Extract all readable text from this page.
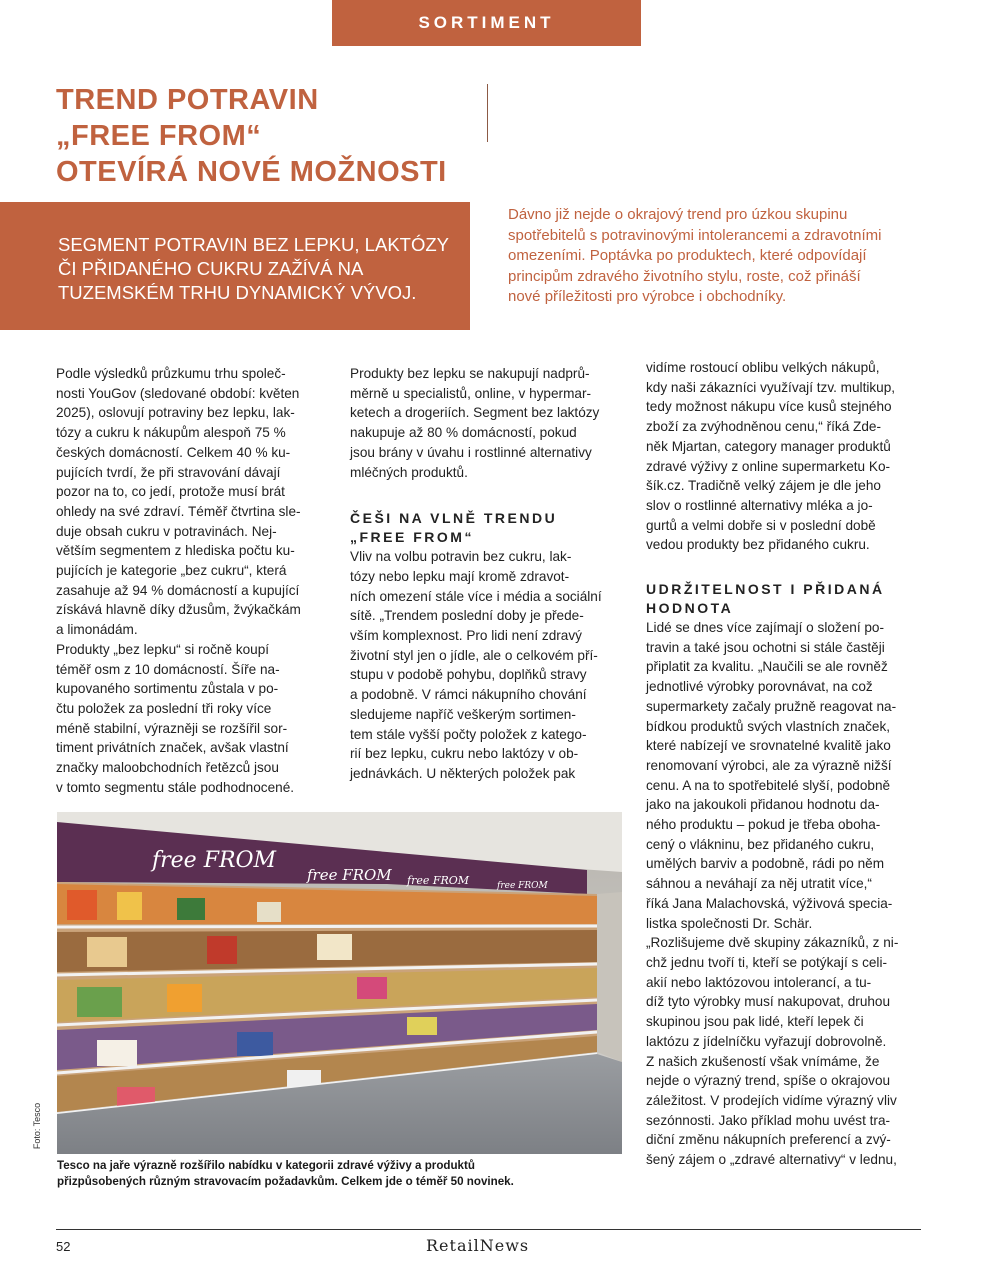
SORTIMENT
TREND POTRAVIN
„FREE FROM“
OTEVÍRÁ NOVÉ MOŽNOSTI
SEGMENT POTRAVIN BEZ LEPKU, LAKTÓZY
ČI PŘIDANÉHO CUKRU ZAŽÍVÁ NA
TUZEMSKÉM TRHU DYNAMICKÝ VÝVOJ.
Dávno již nejde o okrajový trend pro úzkou skupinu
spotřebitelů s potravinovými intolerancemi a zdravotními
omezeními. Poptávka po produktech, které odpovídají
principům zdravého životního stylu, roste, což přináší
nové příležitosti pro výrobce i obchodníky.
Podle výsledků průzkumu trhu společ-
nosti YouGov (sledované období: květen
2025), oslovují potraviny bez lepku, lak-
tózy a cukru k nákupům alespoň 75 %
českých domácností. Celkem 40 % ku-
pujících tvrdí, že při stravování dávají
pozor na to, co jedí, protože musí brát
ohledy na své zdraví. Téměř čtvrtina sle-
duje obsah cukru v potravinách. Nej-
větším segmentem z hlediska počtu ku-
pujících je kategorie „bez cukru“, která
zasahuje až 94 % domácností a kupující
získává hlavně díky džusům, žvýkačkám
a limonádám.
Produkty „bez lepku“ si ročně koupí
téměř osm z 10 domácností. Šíře na-
kupovaného sortimentu zůstala v po-
čtu položek za poslední tři roky více
méně stabilní, výrazněji se rozšířil sor-
timent privátních značek, avšak vlastní
značky maloobchodních řetězců jsou
v tomto segmentu stále podhodnocené.
Produkty bez lepku se nakupují nadprů-
měrně u specialistů, online, v hypermar-
ketech a drogeriích. Segment bez laktózy
nakupuje až 80 % domácností, pokud
jsou brány v úvahu i rostlinné alternativy
mléčných produktů.
ČEŠI NA VLNĚ TRENDU
„FREE FROM“
Vliv na volbu potravin bez cukru, lak-
tózy nebo lepku mají kromě zdravot-
ních omezení stále více i média a sociální
sítě. „Trendem poslední doby je přede-
vším komplexnost. Pro lidi není zdravý
životní styl jen o jídle, ale o celkovém pří-
stupu v podobě pohybu, doplňků stravy
a podobně. V rámci nákupního chování
sledujeme napříč veškerým sortimen-
tem stále vyšší počty položek z katego-
rií bez lepku, cukru nebo laktózy v ob-
jednávkách. U některých položek pak
vidíme rostoucí oblibu velkých nákupů,
kdy naši zákazníci využívají tzv. multikup,
tedy možnost nákupu více kusů stejného
zboží za zvýhodněnou cenu,“ říká Zde-
něk Mjartan, category manager produktů
zdravé výživy z online supermarketu Ko-
šík.cz. Tradičně velký zájem je dle jeho
slov o rostlinné alternativy mléka a jo-
gurtů a velmi dobře si v poslední době
vedou produkty bez přidaného cukru.
UDRŽITELNOST I PŘIDANÁ
HODNOTA
Lidé se dnes více zajímají o složení po-
travin a také jsou ochotni si stále častěji
připlatit za kvalitu. „Naučili se ale rovněž
jednotlivé výrobky porovnávat, na což
supermarkety začaly pružně reagovat na-
bídkou produktů svých vlastních značek,
které nabízejí ve srovnatelné kvalitě jako
renomovaní výrobci, ale za výrazně nižší
cenu. A na to spotřebitelé slyší, podobně
jako na jakoukoli přidanou hodnotu da-
ného produktu – pokud je třeba oboha-
cený o vlákninu, bez přidaného cukru,
umělých barviv a podobně, rádi po něm
sáhnou a neváhají za něj utratit více,“
říká Jana Malachovská, výživová specia-
listka společnosti Dr. Schär.
„Rozlišujeme dvě skupiny zákazníků, z ni-
chž jednu tvoří ti, kteří se potýkají s celi-
akií nebo laktózovou intolerancí, a tu-
díž tyto výrobky musí nakupovat, druhou
skupinou jsou pak lidé, kteří lepek či
laktózu z jídelníčku vyřazují dobrovolně.
Z našich zkušeností však vnímáme, že
nejde o výrazný trend, spíše o okrajovou
záležitost. V prodejích vidíme výrazný vliv
sezónnosti. Jako příklad mohu uvést tra-
diční změnu nákupních preferencí a zvý-
šený zájem o „zdravé alternativy“ v lednu,
free FROM
free FROM free FROM	free FROM
Foto: Tesco
Tesco na jaře výrazně rozšířilo nabídku v kategorii zdravé výživy a produktů
přizpůsobených různým stravovacím požadavkům. Celkem jde o téměř 50 novinek.
52	RetailNews
